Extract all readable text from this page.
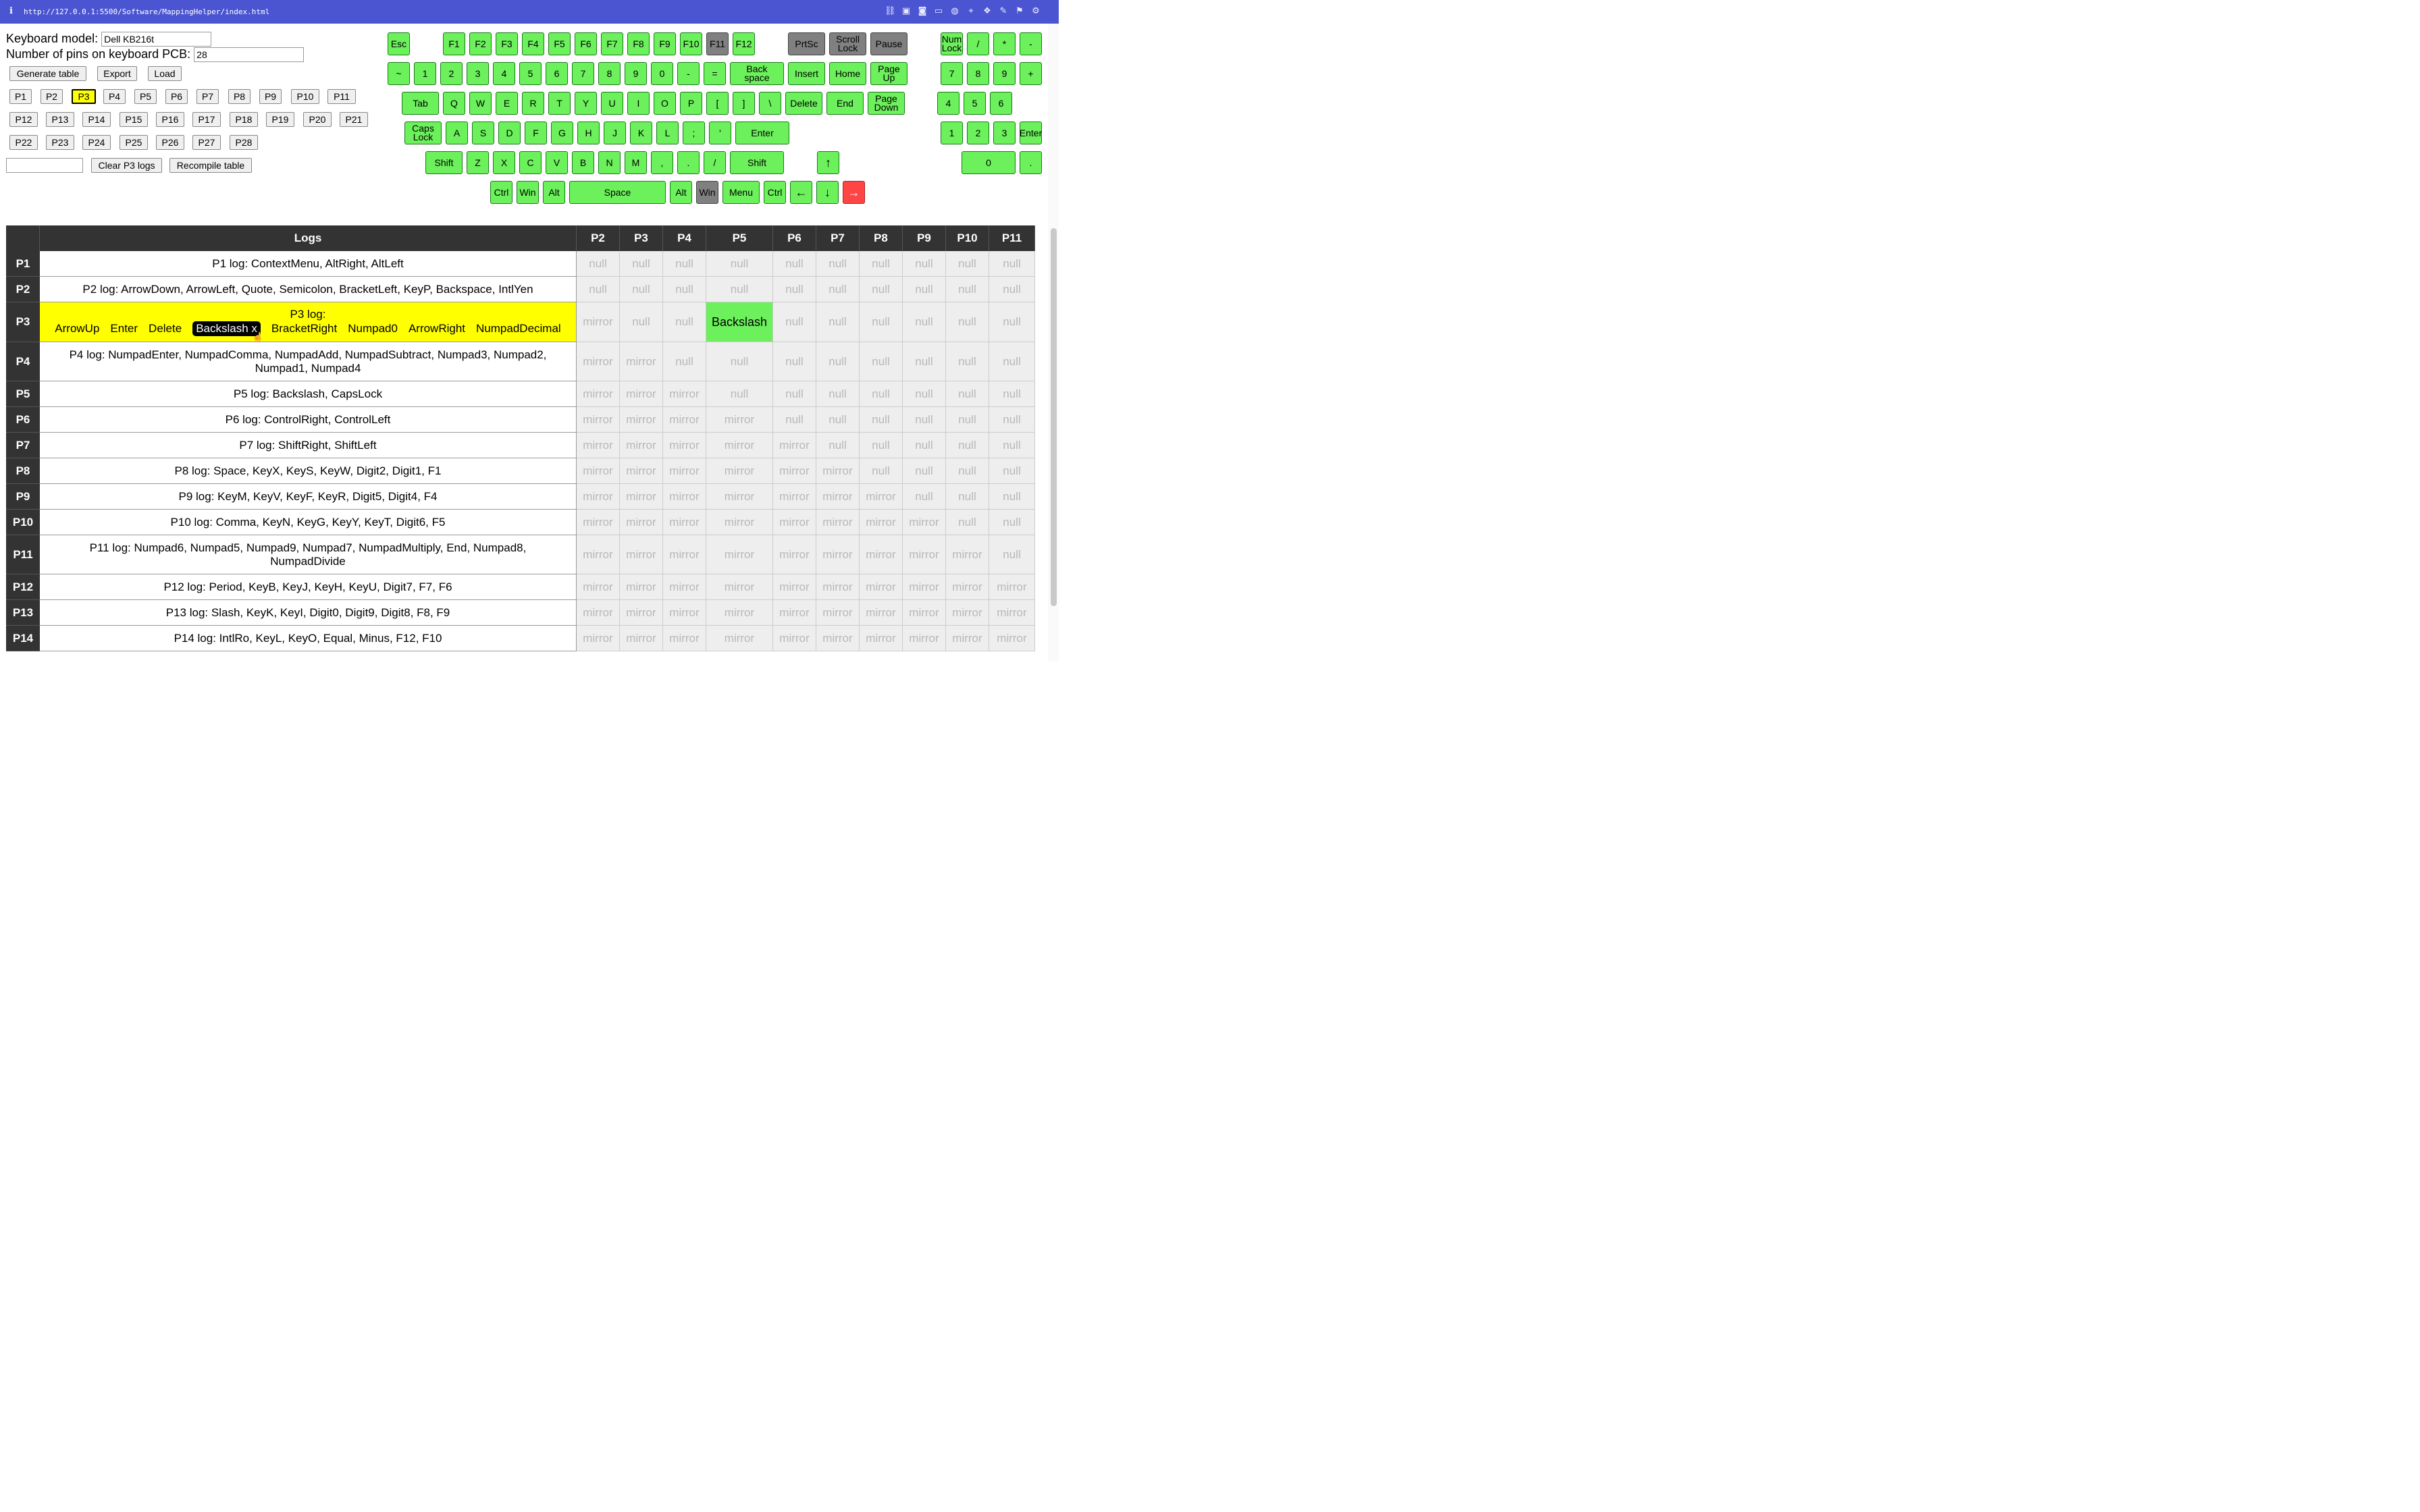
i http://127.0.0.1:5500/Software/MappingHelper/index.html	⛓ ▣ ◙ ▭ ◍	⌖	❖ ✎ ⚑ ⚙
Keyboard model: Dell KB216t
Number of pins on keyboard PCB: 28
Generate table	Export	Load
P1	P2	P3	P4	P5	P6	P7	P8	P9	P10	P11
P12	P13	P14	P15	P16	P17	P18	P19	P20	P21
P22	P23	P24	P25	P26	P27	P28
Clear P3 logs	Recompile table
Esc	F1	F2	F3	F4	F5	F6	F7	F8	F9	F10	F11	F12	PrtSc	Scroll
Lock	Pause	Num
Lock	/	*	-
~	1	2	3	4	5	6	7	8	9	0	-	=	Back
space	Insert	Home	Page
Up	7	8	9	+
Tab	Q	W	E	R	T	Y	U	I	O	P	[	]	\	Delete	End	Page
Down	4	5	6
Caps
Lock	A	S	D	F	G	H	J	K	L	;	'	Enter	1	2	3	Enter
Shift	Z	X	C	V	B	N	M	,	.	/	Shift	↑	0	.
Ctrl	Win	Alt	Space	Alt	Win	Menu	Ctrl	←	↓	→
Logs	P2	P3	P4	P5	P6	P7	P8	P9	P10	P11
P1	P1 log: ContextMenu, AltRight, AltLeft	null	null	null	null	null	null	null	null	null	null
P2	P2 log: ArrowDown, ArrowLeft, Quote, Semicolon, BracketLeft, KeyP, Backspace, IntlYen	null	null	null	null	null	null	null	null	null	null
P3
P3 log:
ArrowUp Enter Delete Backslash x BracketRight Numpad0 ArrowRight NumpadDecimal
mirror	null	null	Backslash	null	null	null	null	null	null
P4
P4 log: NumpadEnter, NumpadComma, NumpadAdd, NumpadSubtract, Numpad3, Numpad2, Numpad1, Numpad4
mirror	mirror	null	null	null	null	null	null	null	null
P5	P5 log: Backslash, CapsLock	mirror	mirror	mirror	null	null	null	null	null	null	null
P6	P6 log: ControlRight, ControlLeft	mirror	mirror	mirror	mirror	null	null	null	null	null	null
P7	P7 log: ShiftRight, ShiftLeft	mirror	mirror	mirror	mirror	mirror	null	null	null	null	null
P8	P8 log: Space, KeyX, KeyS, KeyW, Digit2, Digit1, F1	mirror	mirror	mirror	mirror	mirror	mirror	null	null	null	null
P9	P9 log: KeyM, KeyV, KeyF, KeyR, Digit5, Digit4, F4	mirror	mirror	mirror	mirror	mirror	mirror	mirror	null	null	null
P10	P10 log: Comma, KeyN, KeyG, KeyY, KeyT, Digit6, F5	mirror	mirror	mirror	mirror	mirror	mirror	mirror	mirror	null	null
P11
P11 log: Numpad6, Numpad5, Numpad9, Numpad7, NumpadMultiply, End, Numpad8, NumpadDivide
mirror	mirror	mirror	mirror	mirror	mirror	mirror	mirror	mirror	null
P12	P12 log: Period, KeyB, KeyJ, KeyH, KeyU, Digit7, F7, F6	mirror	mirror	mirror	mirror	mirror	mirror	mirror	mirror	mirror	mirror
P13	P13 log: Slash, KeyK, KeyI, Digit0, Digit9, Digit8, F8, F9	mirror	mirror	mirror	mirror	mirror	mirror	mirror	mirror	mirror	mirror
P14	P14 log: IntlRo, KeyL, KeyO, Equal, Minus, F12, F10	mirror	mirror	mirror	mirror	mirror	mirror	mirror	mirror	mirror	mirror
☝
